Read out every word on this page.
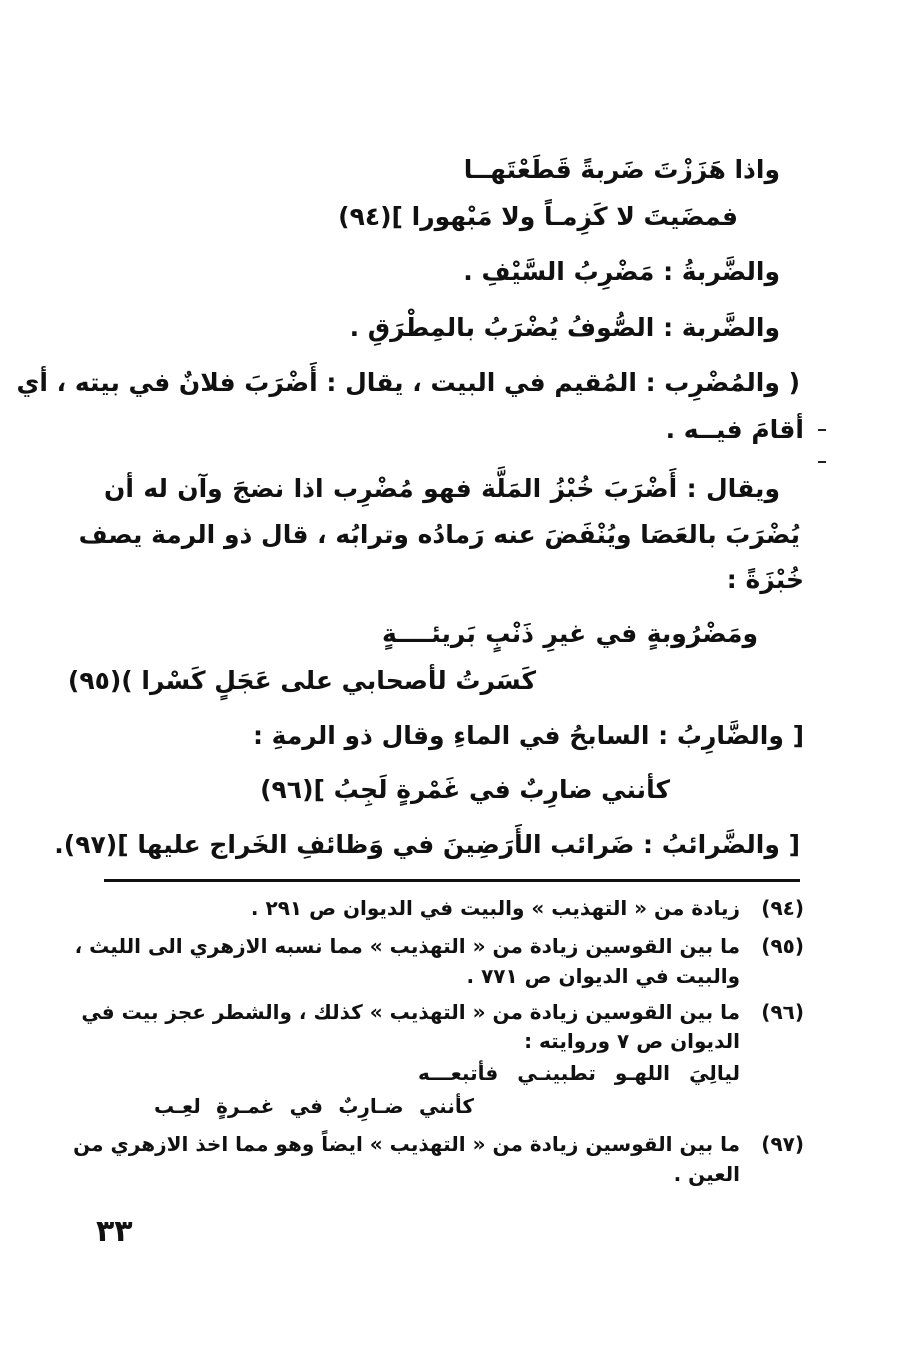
واذا هَزَزْتَ ضَربةً قَطَعْتَهــا
فمضَيتَ لا كَزِمـاً ولا مَبْهورا ](٩٤)
والضَّربةُ : مَضْرِبُ السَّيْفِ .
والضَّربة : الصُّوفُ يُضْرَبُ بالمِطْرَقِ .
( والمُضْرِب : المُقيم في البيت ، يقال : أَضْرَبَ فلانٌ في بيته ، أي
أقامَ فيــه .
ويقال : أَضْرَبَ خُبْزُ المَلَّة فهو مُضْرِب اذا نضجَ وآن له أن
يُضْرَبَ بالعَصَا ويُنْفَضَ عنه رَمادُه وترابُه ، قال ذو الرمة يصف
خُبْزَةً :
ومَضْرُوبةٍ في غيرِ ذَنْبٍ بَريئــــةٍ
كَسَرتُ لأصحابي على عَجَلٍ كَسْرا )(٩٥)
[ والضَّارِبُ : السابحُ في الماءِ وقال ذو الرمةِ :
كأنني ضارِبٌ في غَمْرةٍ لَجِبُ ](٩٦)
[ والضَّرائبُ : ضَرائب الأَرَضِينَ في وَظائفِ الخَراج عليها ](٩٧).
(٩٤)
زيادة من « التهذيب » والبيت في الديوان ص ٢٩١ .
(٩٥)
ما بين القوسين زيادة من « التهذيب » مما نسبه الازهري الى الليث ،
والبيت في الديوان ص ٧٧١ .
(٩٦)
ما بين القوسين زيادة من « التهذيب » كذلك ، والشطر عجز بيت في
الديوان ص ٧ وروايته :
ليالِيَ اللهـو تطبينـي فأتبعـــه
كأنني ضـارِبٌ في غمـرةٍ لعِـب
(٩٧)
ما بين القوسين زيادة من « التهذيب » ايضاً وهو مما اخذ الازهري من
العين .
٣٣
